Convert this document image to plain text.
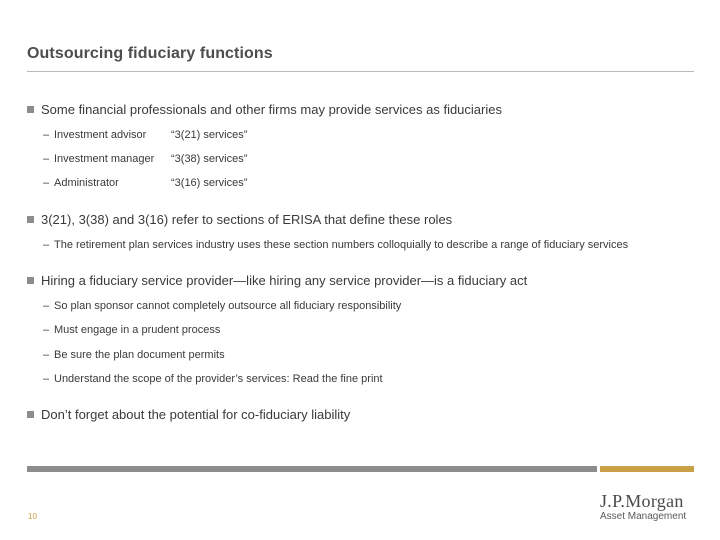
Outsourcing fiduciary functions
Some financial professionals and other firms may provide services as fiduciaries
– Investment advisor “3(21) services”
– Investment manager “3(38) services”
– Administrator	“3(16) services”
3(21), 3(38) and 3(16) refer to sections of ERISA that define these roles
– The retirement plan services industry uses these section numbers colloquially to describe a range of fiduciary services
Hiring a fiduciary service provider—like hiring any service provider—is a fiduciary act
– So plan sponsor cannot completely outsource all fiduciary responsibility
– Must engage in a prudent process
– Be sure the plan document permits
– Understand the scope of the provider’s services: Read the fine print
Don’t forget about the potential for co-fiduciary liability
10
J.P.Morgan
Asset Management
